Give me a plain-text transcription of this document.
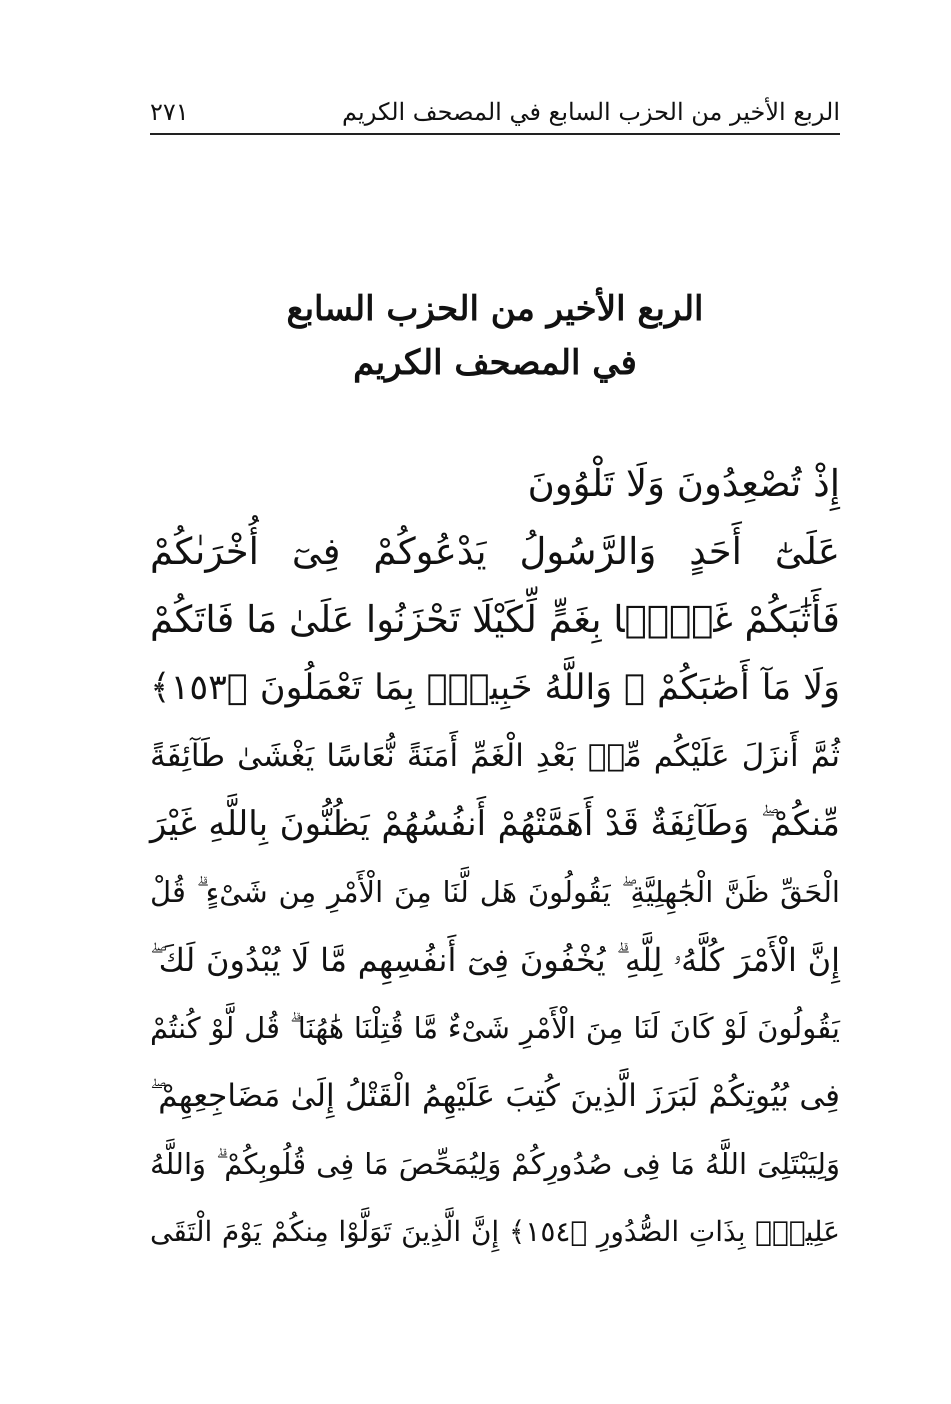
الربع الأخير من الحزب السابع في المصحف الكريم
٢٧١
الربع الأخير من الحزب السابع
في المصحف الكريم
إِذْ تُصْعِدُونَ وَلَا تَلْوُونَ
عَلَىٰٓ أَحَدٍ وَالرَّسُولُ يَدْعُوكُمْ فِىٓ أُخْرَىٰكُمْ
فَأَثَٰبَكُمْ غَمًّۢا بِغَمٍّ لِّكَيْلَا تَحْزَنُوا عَلَىٰ مَا فَاتَكُمْ
وَلَا مَآ أَصَٰبَكُمْ ۗ وَاللَّهُ خَبِيرٌۢ بِمَا تَعْمَلُونَ ﴿١٥٣﴾
ثُمَّ أَنزَلَ عَلَيْكُم مِّنۢ بَعْدِ الْغَمِّ أَمَنَةً نُّعَاسًا يَغْشَىٰ طَآئِفَةً
مِّنكُمْ ۖ وَطَآئِفَةٌ قَدْ أَهَمَّتْهُمْ أَنفُسُهُمْ يَظُنُّونَ بِاللَّهِ غَيْرَ
الْحَقِّ ظَنَّ الْجَٰهِلِيَّةِ ۖ يَقُولُونَ هَل لَّنَا مِنَ الْأَمْرِ مِن شَىْءٍ ۗ قُلْ
إِنَّ الْأَمْرَ كُلَّهُۥ لِلَّهِ ۗ يُخْفُونَ فِىٓ أَنفُسِهِم مَّا لَا يُبْدُونَ لَكَ ۖ
يَقُولُونَ لَوْ كَانَ لَنَا مِنَ الْأَمْرِ شَىْءٌ مَّا قُتِلْنَا هَٰهُنَا ۗ قُل لَّوْ كُنتُمْ
فِى بُيُوتِكُمْ لَبَرَزَ الَّذِينَ كُتِبَ عَلَيْهِمُ الْقَتْلُ إِلَىٰ مَضَاجِعِهِمْ ۖ
وَلِيَبْتَلِىَ اللَّهُ مَا فِى صُدُورِكُمْ وَلِيُمَحِّصَ مَا فِى قُلُوبِكُمْ ۗ وَاللَّهُ
عَلِيمٌۢ بِذَاتِ الصُّدُورِ ﴿١٥٤﴾ إِنَّ الَّذِينَ تَوَلَّوْا مِنكُمْ يَوْمَ الْتَقَى
